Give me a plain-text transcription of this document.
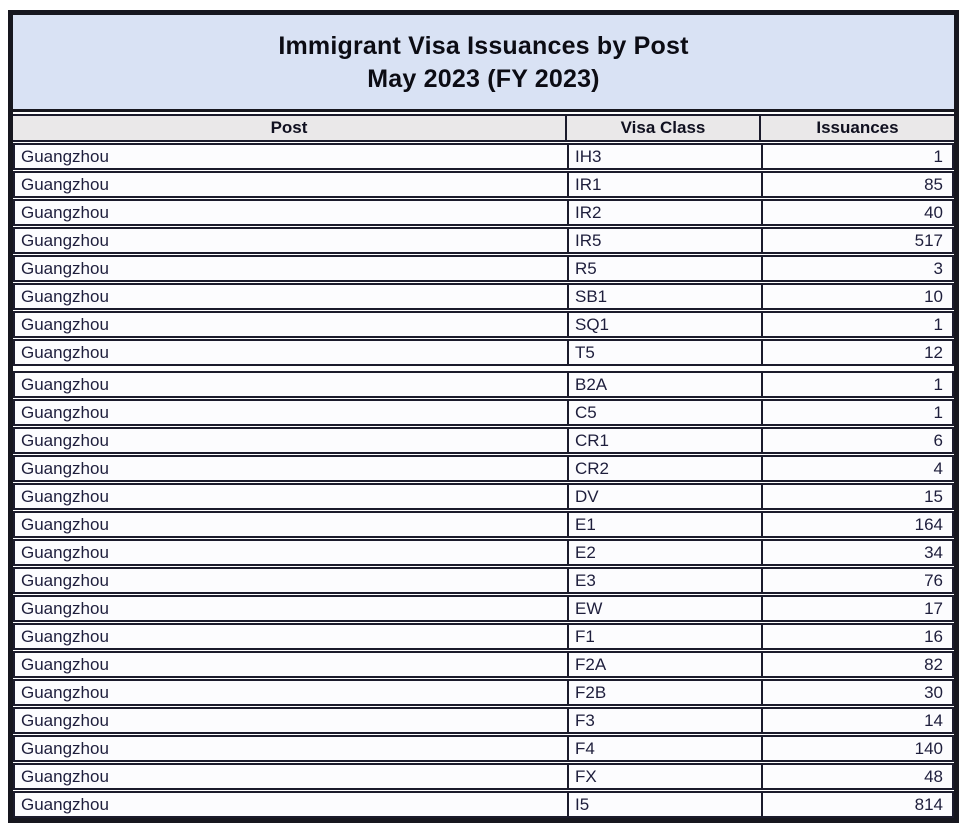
Immigrant Visa Issuances by Post
May 2023 (FY 2023)
Post	Visa Class	Issuances
Guangzhou	IH3	1
Guangzhou	IR1	85
Guangzhou	IR2	40
Guangzhou	IR5	517
Guangzhou	R5	3
Guangzhou	SB1	10
Guangzhou	SQ1	1
Guangzhou	T5	12
Guangzhou	B2A	1
Guangzhou	C5	1
Guangzhou	CR1	6
Guangzhou	CR2	4
Guangzhou	DV	15
Guangzhou	E1	164
Guangzhou	E2	34
Guangzhou	E3	76
Guangzhou	EW	17
Guangzhou	F1	16
Guangzhou	F2A	82
Guangzhou	F2B	30
Guangzhou	F3	14
Guangzhou	F4	140
Guangzhou	FX	48
Guangzhou	I5	814
